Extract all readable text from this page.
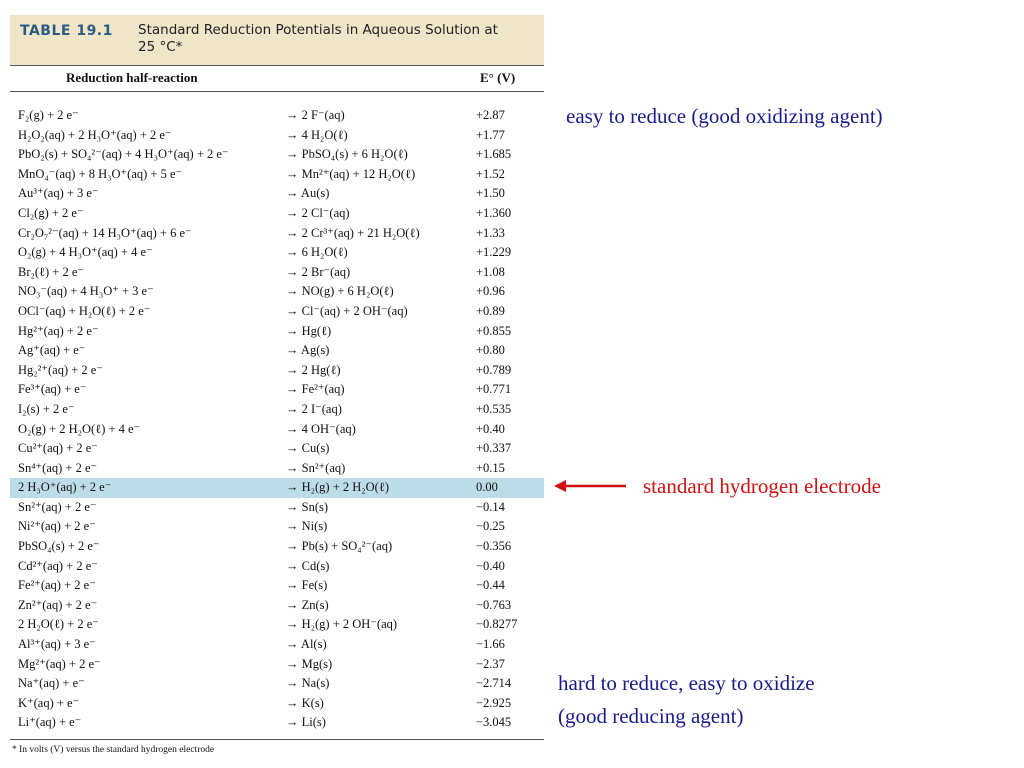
TABLE 19.1 Standard Reduction Potentials in Aqueous Solution at 25 °C*
Reduction half-reaction	E° (V)
F₂(g) + 2 e⁻	→ 2 F⁻(aq)	+2.87
H₂O₂(aq) + 2 H₃O⁺(aq) + 2 e⁻	→ 4 H₂O(ℓ)	+1.77
PbO₂(s) + SO₄²⁻(aq) + 4 H₃O⁺(aq) + 2 e⁻	→ PbSO₄(s) + 6 H₂O(ℓ)	+1.685
MnO₄⁻(aq) + 8 H₃O⁺(aq) + 5 e⁻	→ Mn²⁺(aq) + 12 H₂O(ℓ)	+1.52
Au³⁺(aq) + 3 e⁻	→ Au(s)	+1.50
Cl₂(g) + 2 e⁻	→ 2 Cl⁻(aq)	+1.360
Cr₂O₇²⁻(aq) + 14 H₃O⁺(aq) + 6 e⁻	→ 2 Cr³⁺(aq) + 21 H₂O(ℓ)	+1.33
O₂(g) + 4 H₃O⁺(aq) + 4 e⁻	→ 6 H₂O(ℓ)	+1.229
Br₂(ℓ) + 2 e⁻	→ 2 Br⁻(aq)	+1.08
NO₃⁻(aq) + 4 H₃O⁺ + 3 e⁻	→ NO(g) + 6 H₂O(ℓ)	+0.96
OCl⁻(aq) + H₂O(ℓ) + 2 e⁻	→ Cl⁻(aq) + 2 OH⁻(aq)	+0.89
Hg²⁺(aq) + 2 e⁻	→ Hg(ℓ)	+0.855
Ag⁺(aq) + e⁻	→ Ag(s)	+0.80
Hg₂²⁺(aq) + 2 e⁻	→ 2 Hg(ℓ)	+0.789
Fe³⁺(aq) + e⁻	→ Fe²⁺(aq)	+0.771
I₂(s) + 2 e⁻	→ 2 I⁻(aq)	+0.535
O₂(g) + 2 H₂O(ℓ) + 4 e⁻	→ 4 OH⁻(aq)	+0.40
Cu²⁺(aq) + 2 e⁻	→ Cu(s)	+0.337
Sn⁴⁺(aq) + 2 e⁻	→ Sn²⁺(aq)	+0.15
2 H₃O⁺(aq) + 2 e⁻	→ H₂(g) + 2 H₂O(ℓ)	0.00
Sn²⁺(aq) + 2 e⁻	→ Sn(s)	−0.14
Ni²⁺(aq) + 2 e⁻	→ Ni(s)	−0.25
PbSO₄(s) + 2 e⁻	→ Pb(s) + SO₄²⁻(aq)	−0.356
Cd²⁺(aq) + 2 e⁻	→ Cd(s)	−0.40
Fe²⁺(aq) + 2 e⁻	→ Fe(s)	−0.44
Zn²⁺(aq) + 2 e⁻	→ Zn(s)	−0.763
2 H₂O(ℓ) + 2 e⁻	→ H₂(g) + 2 OH⁻(aq)	−0.8277
Al³⁺(aq) + 3 e⁻	→ Al(s)	−1.66
Mg²⁺(aq) + 2 e⁻	→ Mg(s)	−2.37
Na⁺(aq) + e⁻	→ Na(s)	−2.714
K⁺(aq) + e⁻	→ K(s)	−2.925
Li⁺(aq) + e⁻	→ Li(s)	−3.045
* In volts (V) versus the standard hydrogen electrode
easy to reduce (good oxidizing agent)
standard hydrogen electrode
hard to reduce, easy to oxidize
(good reducing agent)
